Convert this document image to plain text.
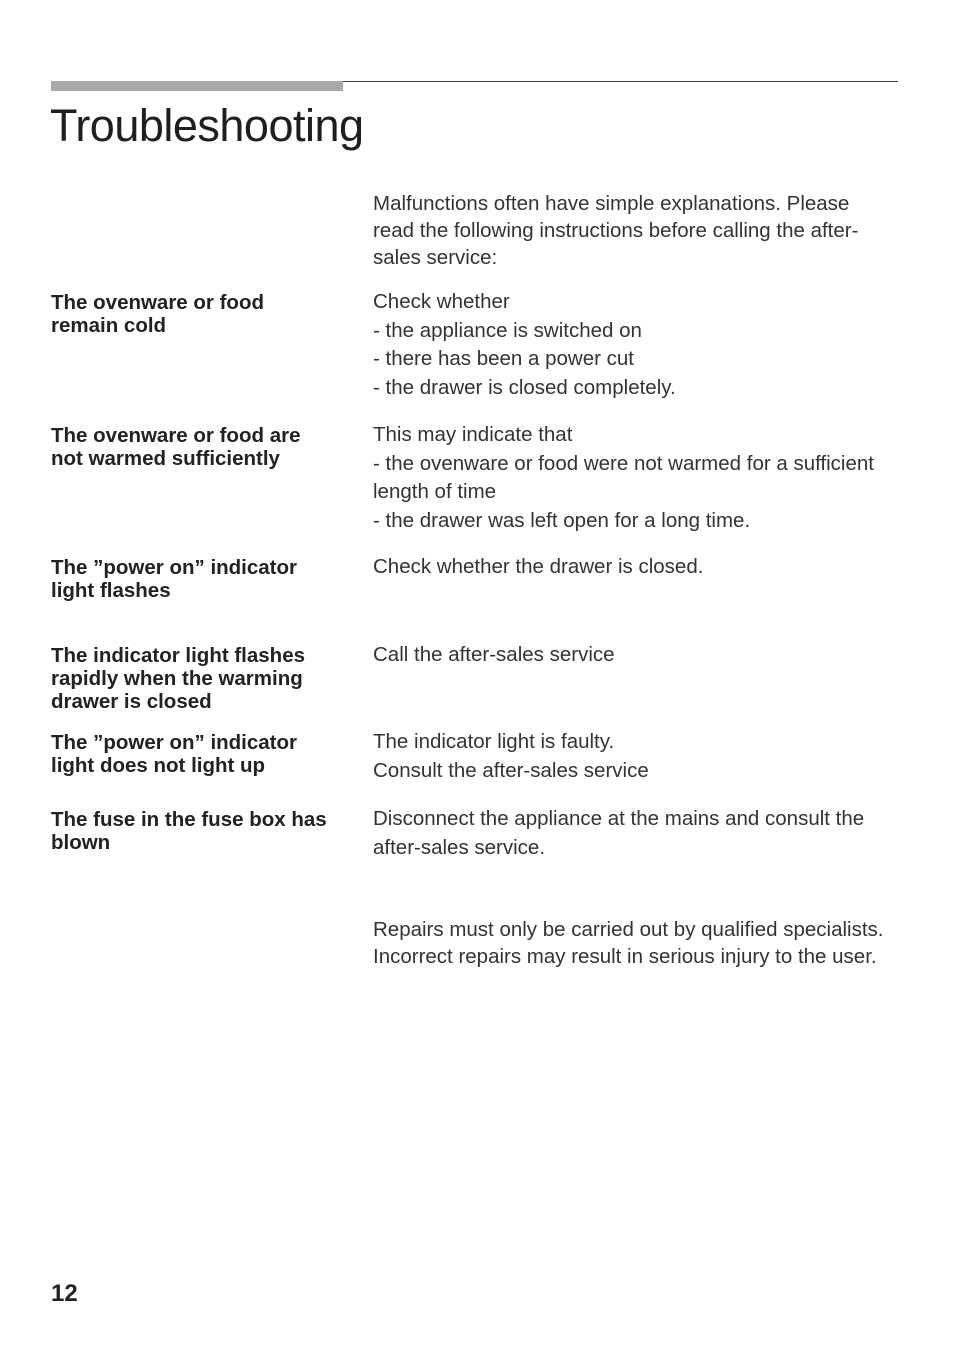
Troubleshooting
Malfunctions often have simple explanations. Please read the following instructions before calling the after-sales service:
The ovenware or food remain cold
Check whether
- the appliance is switched on
- there has been a power cut
- the drawer is closed completely.
The ovenware or food are not warmed sufficiently
This may indicate that
- the ovenware or food were not warmed for a sufficient length of time
- the drawer was left open for a long time.
The ”power on” indicator light flashes
Check whether the drawer is closed.
The indicator light flashes rapidly when the warming drawer is closed
Call the after-sales service
The ”power on” indicator light does not light up
The indicator light is faulty.
Consult the after-sales service
The fuse in the fuse box has blown
Disconnect the appliance at the mains and consult the after-sales service.
Repairs must only be carried out by qualified specialists. Incorrect repairs may result in serious injury to the user.
12
